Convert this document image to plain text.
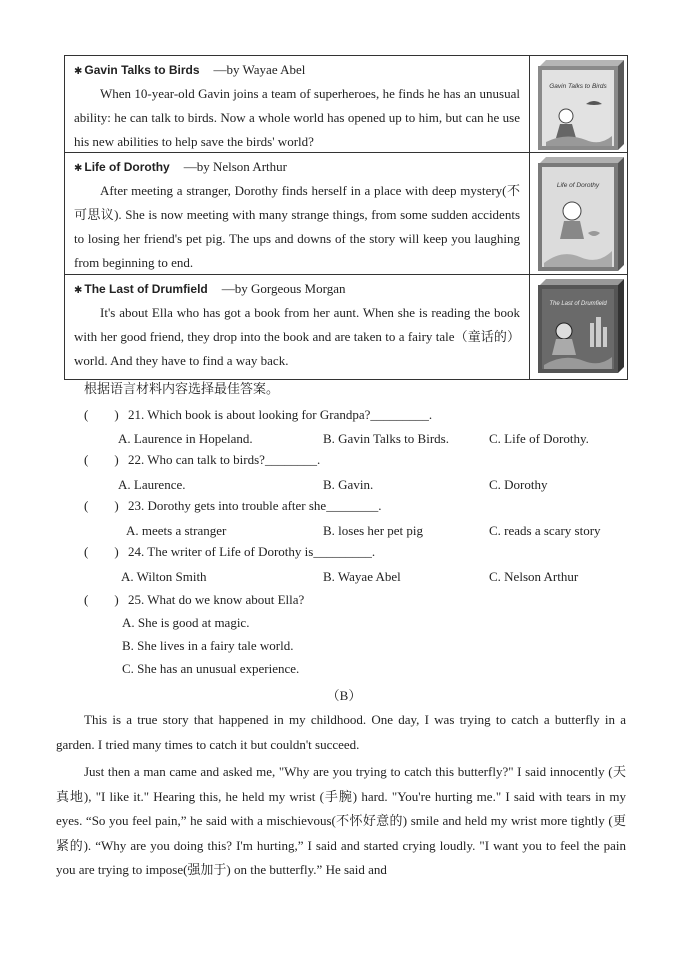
✱ Gavin Talks to Birds —by Wayae Abel
When 10-year-old Gavin joins a team of superheroes, he finds he has an unusual ability: he can talk to birds. Now a whole world has opened up to him, but can he use his new abilities to help save the birds' world?
Gavin Talks to Birds
✱ Life of Dorothy —by Nelson Arthur
After meeting a stranger, Dorothy finds herself in a place with deep mystery(不可思议). She is now meeting with many strange things, from some sudden accidents to losing her friend's pet pig. The ups and downs of the story will keep you laughing from beginning to end.
Life of Dorothy
✱ The Last of Drumfield —by Gorgeous Morgan
It's about Ella who has got a book from her aunt. When she is reading the book with her good friend, they drop into the book and are taken to a fairy tale（童话的）world. And they have to find a way back.
The Last of Drumfield
根据语言材料内容选择最佳答案。
(　　) 21. Which book is about looking for Grandpa?_________.
A. Laurence in Hopeland.	B. Gavin Talks to Birds.	C. Life of Dorothy.
(　　) 22. Who can talk to birds?________.
A. Laurence.	B. Gavin.	C. Dorothy
(　　) 23. Dorothy gets into trouble after she________.
A. meets a stranger	B. loses her pet pig	C. reads a scary story
(　　) 24. The writer of Life of Dorothy is_________.
A. Wilton Smith	B. Wayae Abel	C. Nelson Arthur
(　　) 25. What do we know about Ella?
A. She is good at magic.
B. She lives in a fairy tale world.
C. She has an unusual experience.
（B）
This is a true story that happened in my childhood. One day, I was trying to catch a butterfly in a garden. I tried many times to catch it but couldn't succeed.
Just then a man came and asked me, "Why are you trying to catch this butterfly?" I said innocently (天真地), "I like it." Hearing this, he held my wrist (手腕) hard. "You're hurting me." I said with tears in my eyes. “So you feel pain,” he said with a mischievous(不怀好意的) smile and held my wrist more tightly (更紧的). “Why are you doing this? I'm hurting,” I said and started crying loudly. "I want you to feel the pain you are trying to impose(强加于) on the butterfly.” He said and
